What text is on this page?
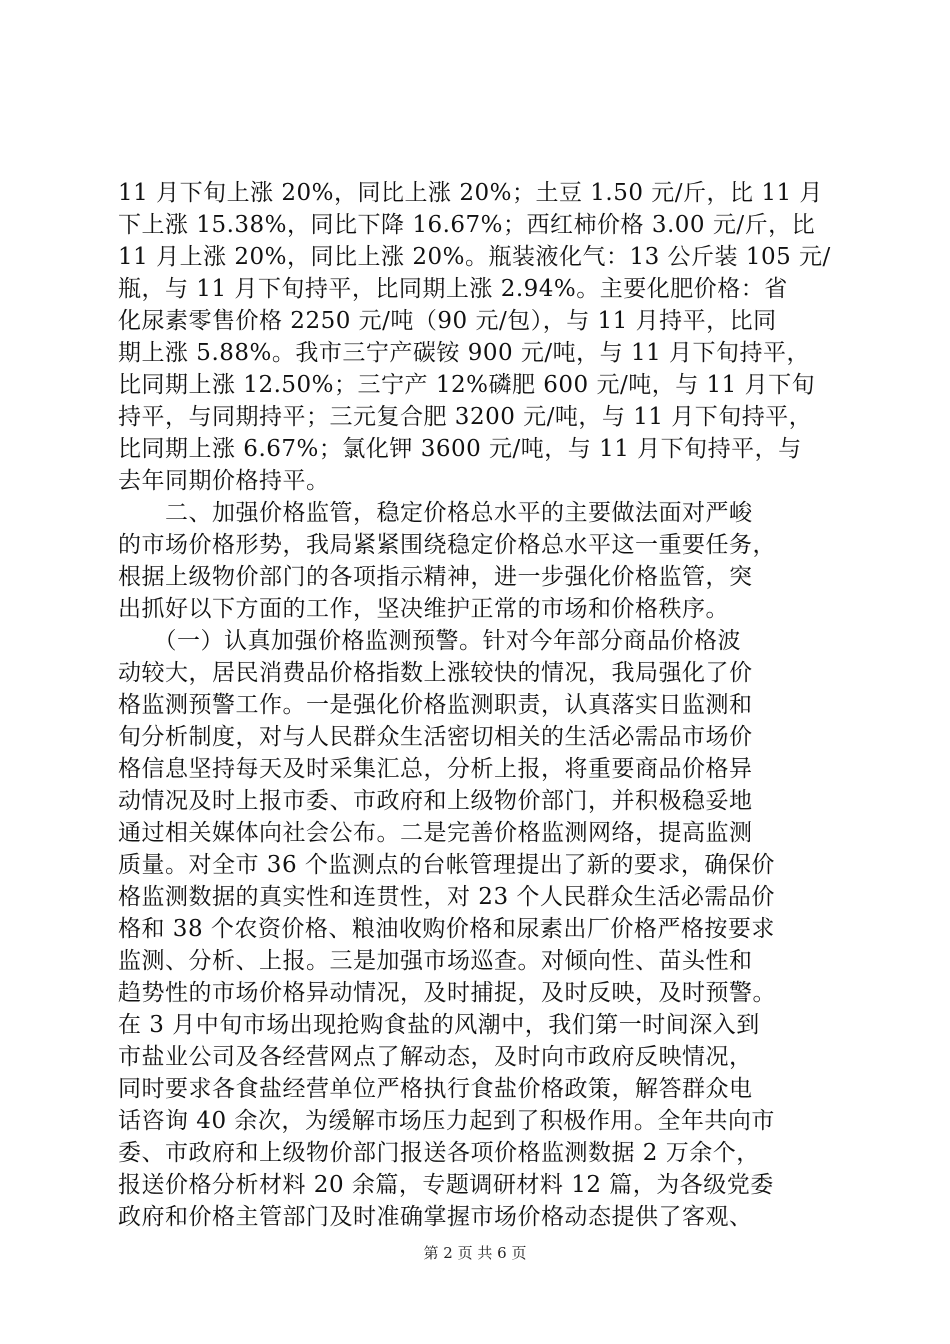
11 月下旬上涨 20%，同比上涨 20%；土豆 1.50 元/斤，比 11 月
下上涨 15.38%，同比下降 16.67%；西红柿价格 3.00 元/斤，比
11 月上涨 20%，同比上涨 20%。瓶装液化气：13 公斤装 105 元/
瓶，与 11 月下旬持平，比同期上涨 2.94%。主要化肥价格：省
化尿素零售价格 2250 元/吨（90 元/包），与 11 月持平，比同
期上涨 5.88%。我市三宁产碳铵 900 元/吨，与 11 月下旬持平，
比同期上涨 12.50%；三宁产 12%磷肥 600 元/吨，与 11 月下旬
持平，与同期持平；三元复合肥 3200 元/吨，与 11 月下旬持平，
比同期上涨 6.67%；氯化钾 3600 元/吨，与 11 月下旬持平，与
去年同期价格持平。
　　二、加强价格监管，稳定价格总水平的主要做法面对严峻
的市场价格形势，我局紧紧围绕稳定价格总水平这一重要任务，
根据上级物价部门的各项指示精神，进一步强化价格监管，突
出抓好以下方面的工作，坚决维护正常的市场和价格秩序。
　　（一）认真加强价格监测预警。针对今年部分商品价格波
动较大，居民消费品价格指数上涨较快的情况，我局强化了价
格监测预警工作。一是强化价格监测职责，认真落实日监测和
旬分析制度，对与人民群众生活密切相关的生活必需品市场价
格信息坚持每天及时采集汇总，分析上报，将重要商品价格异
动情况及时上报市委、市政府和上级物价部门，并积极稳妥地
通过相关媒体向社会公布。二是完善价格监测网络，提高监测
质量。对全市 36 个监测点的台帐管理提出了新的要求，确保价
格监测数据的真实性和连贯性，对 23 个人民群众生活必需品价
格和 38 个农资价格、粮油收购价格和尿素出厂价格严格按要求
监测、分析、上报。三是加强市场巡查。对倾向性、苗头性和
趋势性的市场价格异动情况，及时捕捉，及时反映，及时预警。
在 3 月中旬市场出现抢购食盐的风潮中，我们第一时间深入到
市盐业公司及各经营网点了解动态，及时向市政府反映情况，
同时要求各食盐经营单位严格执行食盐价格政策，解答群众电
话咨询 40 余次，为缓解市场压力起到了积极作用。全年共向市
委、市政府和上级物价部门报送各项价格监测数据 2 万余个，
报送价格分析材料 20 余篇，专题调研材料 12 篇，为各级党委
政府和价格主管部门及时准确掌握市场价格动态提供了客观、
第 2 页 共 6 页
